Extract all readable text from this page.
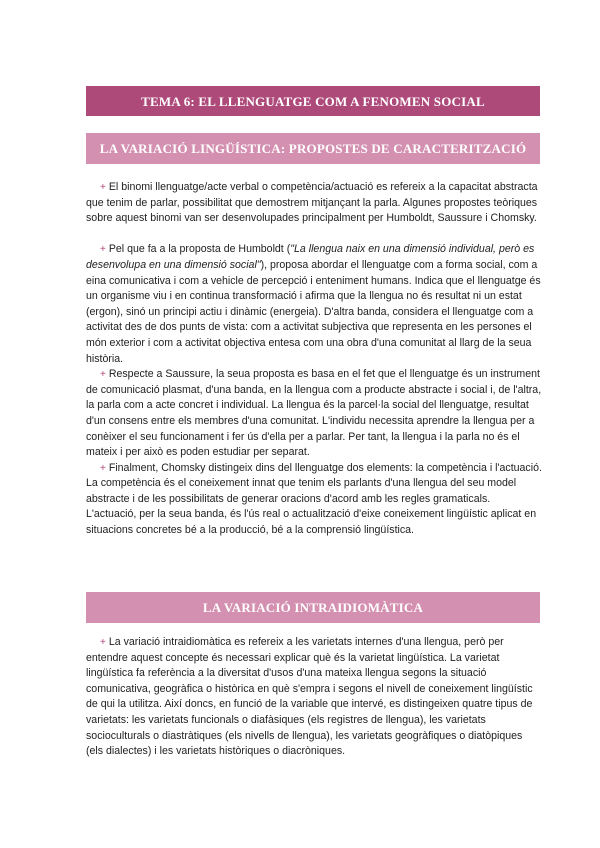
TEMA 6: EL LLENGUATGE COM A FENOMEN SOCIAL
LA VARIACIÓ LINGÜÍSTICA: PROPOSTES DE CARACTERITZACIÓ

+ El binomi llenguatge/acte verbal o competència/actuació es refereix a la capacitat abstracta que tenim de parlar, possibilitat que demostrem mitjançant la parla. Algunes propostes teòriques sobre aquest binomi van ser desenvolupades principalment per Humboldt, Saussure i Chomsky.

+ Pel que fa a la proposta de Humboldt ("La llengua naix en una dimensió individual, però es desenvolupa en una dimensió social"), proposa abordar el llenguatge com a forma social, com a eina comunicativa i com a vehicle de percepció i enteniment humans. Indica que el llenguatge és un organisme viu i en continua transformació i afirma que la llengua no és resultat ni un estat (ergon), sinó un principi actiu i dinàmic (energeia). D'altra banda, considera el llenguatge com a activitat des de dos punts de vista: com a activitat subjectiva que representa en les persones el món exterior i com a activitat objectiva entesa com una obra d'una comunitat al llarg de la seua història.

+ Respecte a Saussure, la seua proposta es basa en el fet que el llenguatge és un instrument de comunicació plasmat, d'una banda, en la llengua com a producte abstracte i social i, de l'altra, la parla com a acte concret i individual. La llengua és la parcel·la social del llenguatge, resultat d'un consens entre els membres d'una comunitat. L'individu necessita aprendre la llengua per a conèixer el seu funcionament i fer ús d'ella per a parlar. Per tant, la llengua i la parla no és el mateix i per això es poden estudiar per separat.

+ Finalment, Chomsky distingeix dins del llenguatge dos elements: la competència i l'actuació. La competència és el coneixement innat que tenim els parlants d'una llengua del seu model abstracte i de les possibilitats de generar oracions d'acord amb les regles gramaticals. L'actuació, per la seua banda, és l'ús real o actualització d'eixe coneixement lingüístic aplicat en situacions concretes bé a la producció, bé a la comprensió lingüística.

LA VARIACIÓ INTRAIDIOMÀTICA

+ La variació intraidiomàtica es refereix a les varietats internes d'una llengua, però per entendre aquest concepte és necessari explicar què és la varietat lingüística. La varietat lingüística fa referència a la diversitat d'usos d'una mateixa llengua segons la situació comunicativa, geogràfica o històrica en què s'empra i segons el nivell de coneixement lingüístic de qui la utilitza. Així doncs, en funció de la variable que intervé, es distingeixen quatre tipus de varietats: les varietats funcionals o diafàsiques (els registres de llengua), les varietats socioculturals o diastràtiques (els nivells de llengua), les varietats geogràfiques o diatòpiques (els dialectes) i les varietats històriques o diacròniques.
